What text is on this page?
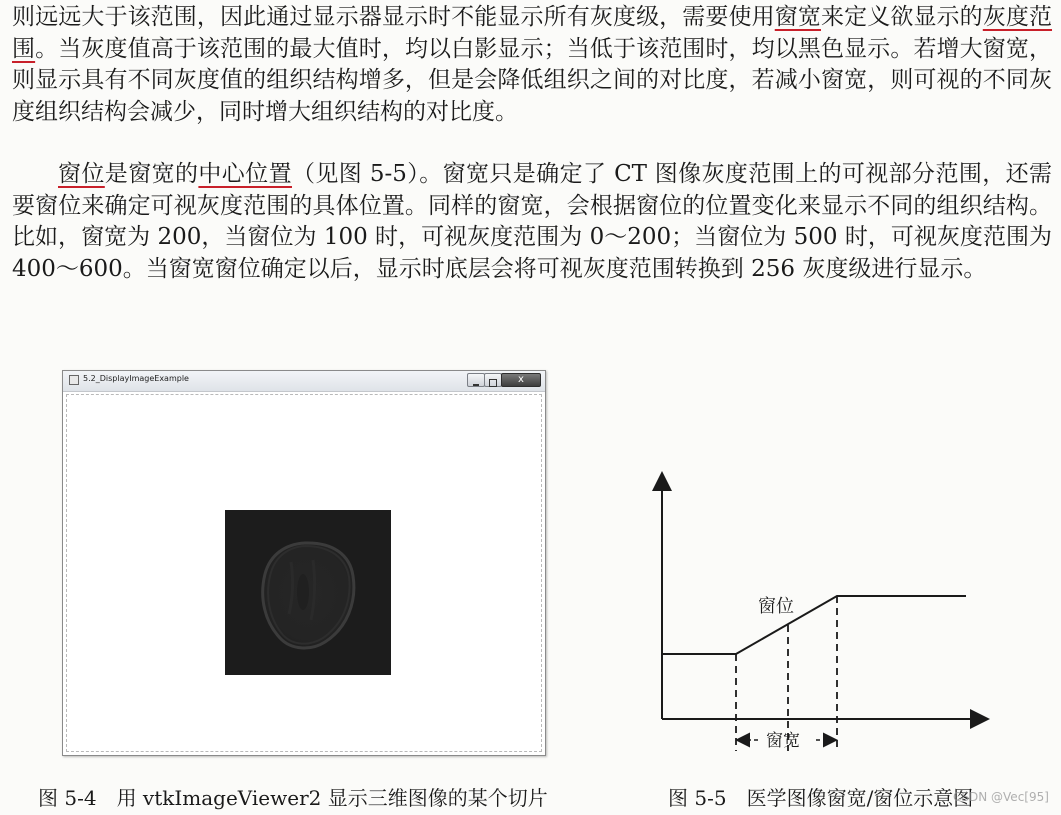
则远远大于该范围，因此通过显示器显示时不能显示所有灰度级，需要使用窗宽来定义欲显示的灰度范围。当灰度值高于该范围的最大值时，均以白影显示；当低于该范围时，均以黑色显示。若增大窗宽，则显示具有不同灰度值的组织结构增多，但是会降低组织之间的对比度，若减小窗宽，则可视的不同灰度组织结构会减少，同时增大组织结构的对比度。

窗位是窗宽的中心位置（见图 5-5）。窗宽只是确定了 CT 图像灰度范围上的可视部分范围，还需要窗位来确定可视灰度范围的具体位置。同样的窗宽，会根据窗位的位置变化来显示不同的组织结构。比如，窗宽为 200，当窗位为 100 时，可视灰度范围为 0～200；当窗位为 500 时，可视灰度范围为 400～600。当窗宽窗位确定以后，显示时底层会将可视灰度范围转换到 256 灰度级进行显示。

5.2_DisplayImageExample	x
窗位
窗宽
图 5-4　用 vtkImageViewer2 显示三维图像的某个切片	图 5-5　医学图像窗宽/窗位示意图
CSDN @Vec[95]
